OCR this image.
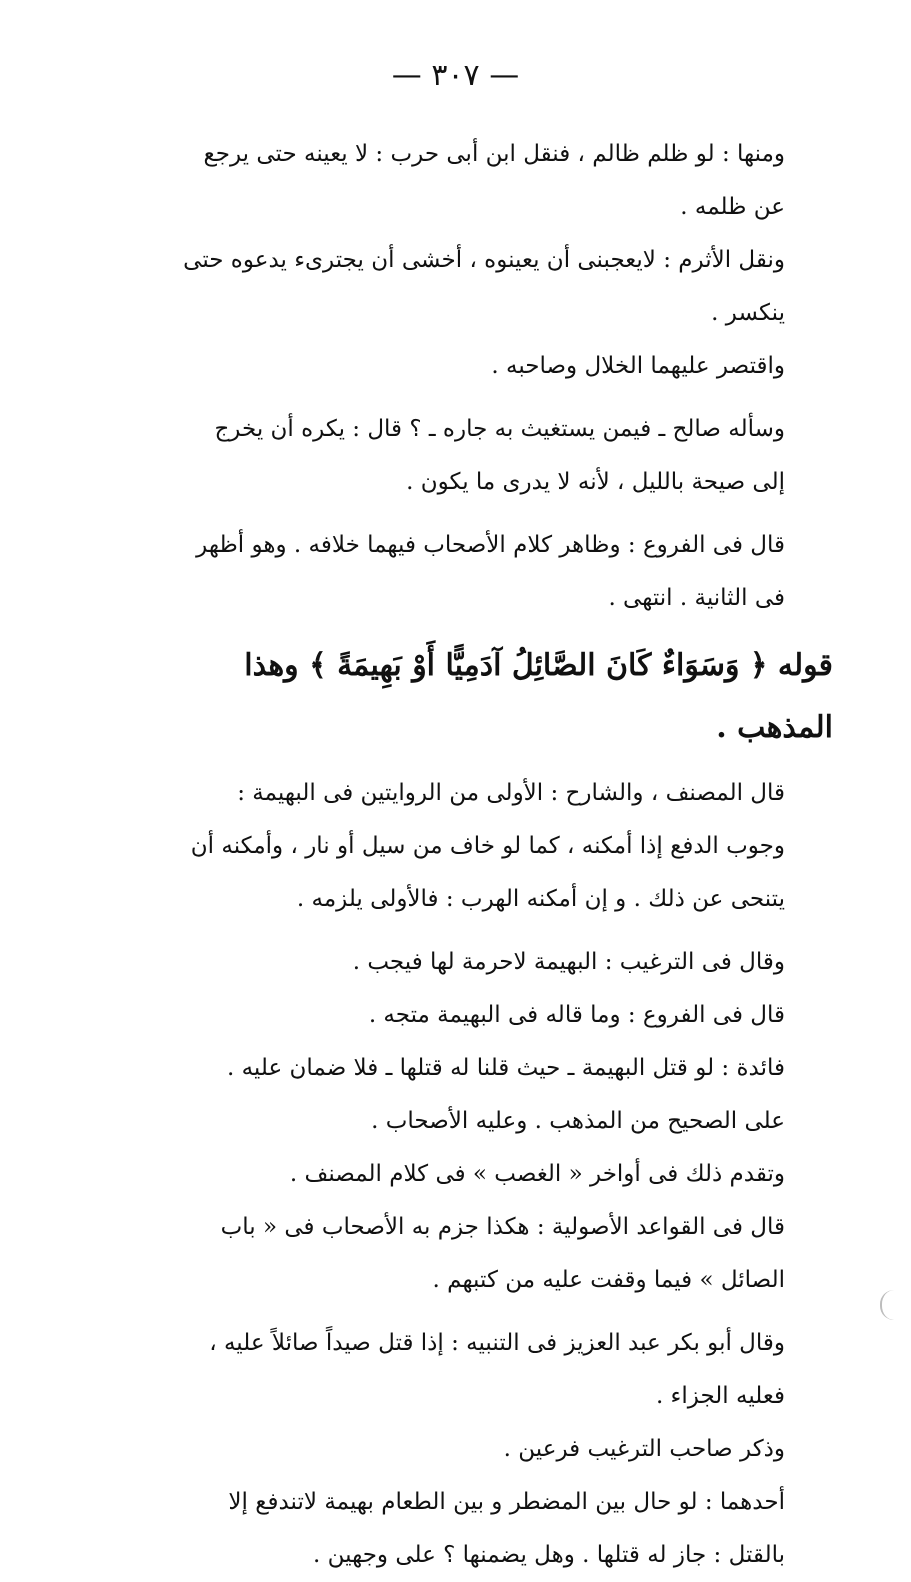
— ٣٠٧ —

ومنها : لو ظلم ظالم ، فنقل ابن أبى حرب : لا يعينه حتى يرجع عن ظلمه .

ونقل الأثرم : لايعجبنى أن يعينوه ، أخشى أن يجترىء يدعوه حتى ينكسر .

واقتصر عليهما الخلال وصاحبه .

وسأله صالح ـ فيمن يستغيث به جاره ـ ؟ قال : يكره أن يخرج إلى صيحة بالليل ، لأنه لا يدرى ما يكون .

قال فى الفروع : وظاهر كلام الأصحاب فيهما خلافه . وهو أظهر فى الثانية . انتهى .

قوله ﴿ وَسَوَاءٌ كَانَ الصَّائِلُ آدَمِيًّا أَوْ بَهِيمَةً ﴾ وهذا المذهب .

قال المصنف ، والشارح : الأولى من الروايتين فى البهيمة : وجوب الدفع إذا أمكنه ، كما لو خاف من سيل أو نار ، وأمكنه أن يتنحى عن ذلك . و إن أمكنه الهرب : فالأولى يلزمه .

وقال فى الترغيب : البهيمة لاحرمة لها فيجب .

قال فى الفروع : وما قاله فى البهيمة متجه .

فائدة : لو قتل البهيمة ـ حيث قلنا له قتلها ـ فلا ضمان عليه . على الصحيح من المذهب . وعليه الأصحاب .

وتقدم ذلك فى أواخر « الغصب » فى كلام المصنف .

قال فى القواعد الأصولية : هكذا جزم به الأصحاب فى « باب الصائل » فيما وقفت عليه من كتبهم .

وقال أبو بكر عبد العزيز فى التنبيه : إذا قتل صيداً صائلاً عليه ، فعليه الجزاء .

وذكر صاحب الترغيب فرعين .

أحدهما : لو حال بين المضطر و بين الطعام بهيمة لاتندفع إلا بالقتل : جاز له قتلها . وهل يضمنها ؟ على وجهين .
